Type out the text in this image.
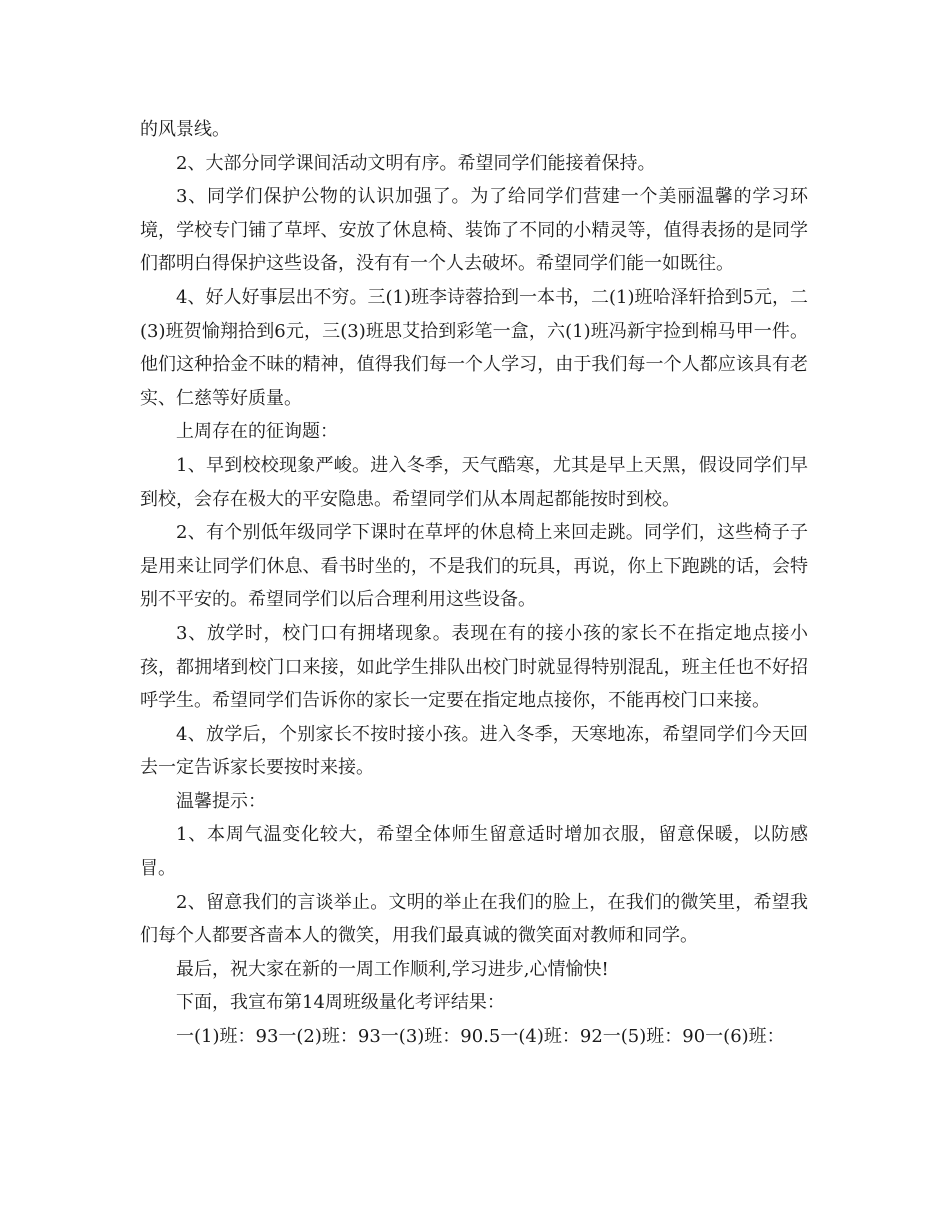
的风景线。

2、大部分同学课间活动文明有序。希望同学们能接着保持。

3、同学们保护公物的认识加强了。为了给同学们营建一个美丽温馨的学习环境，学校专门铺了草坪、安放了休息椅、装饰了不同的小精灵等，值得表扬的是同学们都明白得保护这些设备，没有有一个人去破坏。希望同学们能一如既往。

4、好人好事层出不穷。三(1)班李诗蓉拾到一本书，二(1)班哈泽轩拾到5元，二(3)班贺愉翔拾到6元，三(3)班思艾拾到彩笔一盒，六(1)班冯新宇捡到棉马甲一件。他们这种拾金不昧的精神，值得我们每一个人学习，由于我们每一个人都应该具有老实、仁慈等好质量。

上周存在的征询题：

1、早到校校现象严峻。进入冬季，天气酷寒，尤其是早上天黑，假设同学们早到校，会存在极大的平安隐患。希望同学们从本周起都能按时到校。

2、有个别低年级同学下课时在草坪的休息椅上来回走跳。同学们，这些椅子子是用来让同学们休息、看书时坐的，不是我们的玩具，再说，你上下跑跳的话，会特别不平安的。希望同学们以后合理利用这些设备。

3、放学时，校门口有拥堵现象。表现在有的接小孩的家长不在指定地点接小孩，都拥堵到校门口来接，如此学生排队出校门时就显得特别混乱，班主任也不好招呼学生。希望同学们告诉你的家长一定要在指定地点接你，不能再校门口来接。

4、放学后，个别家长不按时接小孩。进入冬季，天寒地冻，希望同学们今天回去一定告诉家长要按时来接。

温馨提示：

1、本周气温变化较大，希望全体师生留意适时增加衣服，留意保暖，以防感冒。

2、留意我们的言谈举止。文明的举止在我们的脸上，在我们的微笑里，希望我们每个人都要吝啬本人的微笑，用我们最真诚的微笑面对教师和同学。

最后，祝大家在新的一周工作顺利,学习进步,心情愉快!

下面，我宣布第14周班级量化考评结果：

一(1)班：93一(2)班：93一(3)班：90.5一(4)班：92一(5)班：90一(6)班：
